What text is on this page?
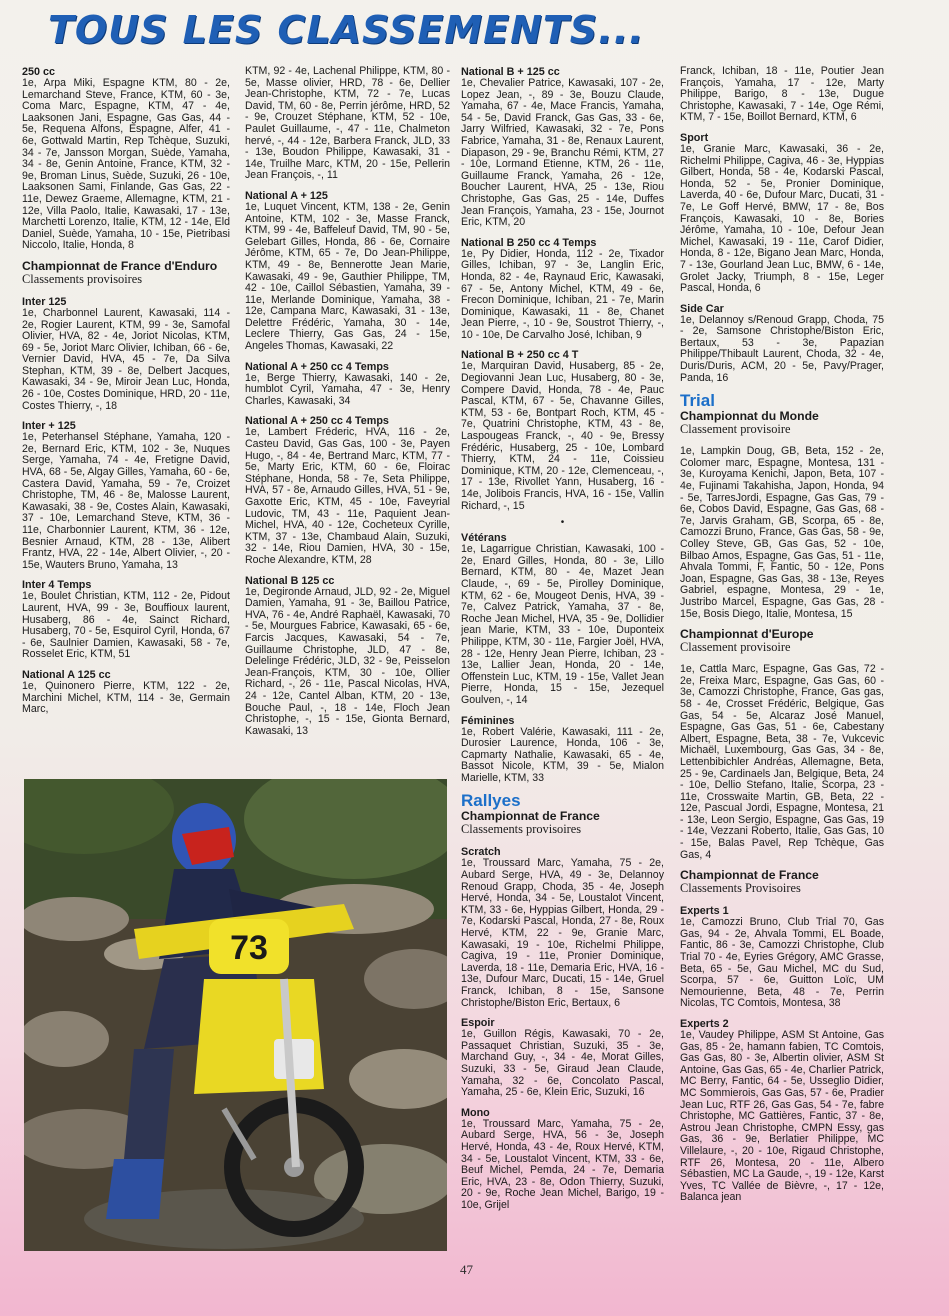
TOUS LES CLASSEMENTS...
250 cc

1e, Arpa Miki, Espagne KTM, 80 - 2e, Lemarchand Steve, France, KTM, 60 - 3e, Coma Marc, Espagne, KTM, 47 - 4e, Laaksonen Jani, Espagne, Gas Gas, 44 - 5e, Requena Alfons, Espagne, Alfer, 41 - 6e, Gottwald Martin, Rep Tchèque, Suzuki, 34 - 7e, Jansson Morgan, Suède, Yamaha, 34 - 8e, Genin Antoine, France, KTM, 32 - 9e, Broman Linus, Suède, Suzuki, 26 - 10e, Laaksonen Sami, Finlande, Gas Gas, 22 - 11e, Dewez Graeme, Allemagne, KTM, 21 - 12e, Villa Paolo, Italie, Kawasaki, 17 - 13e, Marchetti Lorenzo, Italie, KTM, 12 - 14e, Eld Daniel, Suède, Yamaha, 10 - 15e, Pietribasi Niccolo, Italie, Honda, 8

Championnat de France d'Enduro
Classements provisoires
Inter 125

1e, Charbonnel Laurent, Kawasaki, 114 - 2e, Rogier Laurent, KTM, 99 - 3e, Samofal Olivier, HVA, 82 - 4e, Joriot Nicolas, KTM, 69 - 5e, Joriot Marc Olivier, Ichiban, 66 - 6e, Vernier David, HVA, 45 - 7e, Da Silva Stephan, KTM, 39 - 8e, Delbert Jacques, Kawasaki, 34 - 9e, Miroir Jean Luc, Honda, 26 - 10e, Costes Dominique, HRD, 20 - 11e, Costes Thierry, -, 18

Inter + 125

1e, Peterhansel Stéphane, Yamaha, 120 - 2e, Bernard Eric, KTM, 102 - 3e, Nuques Serge, Yamaha, 74 - 4e, Fretigne David, HVA, 68 - 5e, Algay Gilles, Yamaha, 60 - 6e, Castera David, Yamaha, 59 - 7e, Croizet Christophe, TM, 46 - 8e, Malosse Laurent, Kawasaki, 38 - 9e, Costes Alain, Kawasaki, 37 - 10e, Lemarchand Steve, KTM, 36 - 11e, Charbonnier Laurent, KTM, 36 - 12e, Besnier Arnaud, KTM, 28 - 13e, Alibert Frantz, HVA, 22 - 14e, Albert Olivier, -, 20 - 15e, Wauters Bruno, Yamaha, 13

Inter 4 Temps

1e, Boulet Christian, KTM, 112 - 2e, Pidout Laurent, HVA, 99 - 3e, Bouffioux laurent, Husaberg, 86 - 4e, Sainct Richard, Husaberg, 70 - 5e, Esquirol Cyril, Honda, 67 - 6e, Saulnier Damien, Kawasaki, 58 - 7e, Rosselet Eric, KTM, 51

National A 125 cc

1e, Quinonero Pierre, KTM, 122 - 2e, Marchini Michel, KTM, 114 - 3e, Germain Marc,

KTM, 92 - 4e, Lachenal Philippe, KTM, 80 - 5e, Masse olivier, HRD, 78 - 6e, Dellier Jean-Christophe, KTM, 72 - 7e, Lucas David, TM, 60 - 8e, Perrin jérôme, HRD, 52 - 9e, Crouzet Stéphane, KTM, 52 - 10e, Paulet Guillaume, -, 47 - 11e, Chalmeton hervé, -, 44 - 12e, Barbera Franck, JLD, 33 - 13e, Boudon Philippe, Kawasaki, 31 - 14e, Truilhe Marc, KTM, 20 - 15e, Pellerin Jean François, -, 11

National A + 125

1e, Luquet Vincent, KTM, 138 - 2e, Genin Antoine, KTM, 102 - 3e, Masse Franck, KTM, 99 - 4e, Baffeleuf David, TM, 90 - 5e, Gelebart Gilles, Honda, 86 - 6e, Cornaire Jérôme, KTM, 65 - 7e, Do Jean-Philippe, KTM, 49 - 8e, Bennerotte Jean Marie, Kawasaki, 49 - 9e, Gauthier Philippe, TM, 42 - 10e, Caillol Sébastien, Yamaha, 39 - 11e, Merlande Dominique, Yamaha, 38 - 12e, Campana Marc, Kawasaki, 31 - 13e, Delettre Frédéric, Yamaha, 30 - 14e, Leclere Thierry, Gas Gas, 24 - 15e, Angeles Thomas, Kawasaki, 22

National A + 250 cc 4 Temps

1e, Berge Thierry, Kawasaki, 140 - 2e, humblot Cyril, Yamaha, 47 - 3e, Henry Charles, Kawasaki, 34

National A + 250 cc 4 Temps

1e, Lambert Fréderic, HVA, 116 - 2e, Casteu David, Gas Gas, 100 - 3e, Payen Hugo, -, 84 - 4e, Bertrand Marc, KTM, 77 - 5e, Marty Eric, KTM, 60 - 6e, Floirac Stéphane, Honda, 58 - 7e, Seta Philippe, HVA, 57 - 8e, Arnaudo Gilles, HVA, 51 - 9e, Gaxotte Eric, KTM, 45 - 10e, Faveyrial Ludovic, TM, 43 - 11e, Paquient Jean-Michel, HVA, 40 - 12e, Cocheteux Cyrille, KTM, 37 - 13e, Chambaud Alain, Suzuki, 32 - 14e, Riou Damien, HVA, 30 - 15e, Roche Alexandre, KTM, 28

National B 125 cc

1e, Degironde Arnaud, JLD, 92 - 2e, Miguel Damien, Yamaha, 91 - 3e, Baillou Patrice, HVA, 76 - 4e, André Raphaël, Kawasaki, 70 - 5e, Mourgues Fabrice, Kawasaki, 65 - 6e, Farcis Jacques, Kawasaki, 54 - 7e, Guillaume Christophe, JLD, 47 - 8e, Delelinge Frédéric, JLD, 32 - 9e, Peisselon Jean-François, KTM, 30 - 10e, Ollier Richard, -, 26 - 11e, Pascal Nicolas, HVA, 24 - 12e, Cantel Alban, KTM, 20 - 13e, Bouche Paul, -, 18 - 14e, Floch Jean Christophe, -, 15 - 15e, Gionta Bernard, Kawasaki, 13

National B + 125 cc

1e, Chevalier Patrice, Kawasaki, 107 - 2e, Lopez Jean, -, 89 - 3e, Bouzu Claude, Yamaha, 67 - 4e, Mace Francis, Yamaha, 54 - 5e, David Franck, Gas Gas, 33 - 6e, Jarry Wilfried, Kawasaki, 32 - 7e, Pons Fabrice, Yamaha, 31 - 8e, Renaux Laurent, Diapason, 29 - 9e, Branchu Rémi, KTM, 27 - 10e, Lormand Etienne, KTM, 26 - 11e, Guillaume Franck, Yamaha, 26 - 12e, Boucher Laurent, HVA, 25 - 13e, Riou Christophe, Gas Gas, 25 - 14e, Duffes Jean François, Yamaha, 23 - 15e, Journot Eric, KTM, 20

National B 250 cc 4 Temps

1e, Py Didier, Honda, 112 - 2e, Tixador Gilles, Ichiban, 97 - 3e, Langlin Eric, Honda, 82 - 4e, Raynaud Eric, Kawasaki, 67 - 5e, Antony Michel, KTM, 49 - 6e, Frecon Dominique, Ichiban, 21 - 7e, Marin Dominique, Kawasaki, 11 - 8e, Chanet Jean Pierre, -, 10 - 9e, Soustrot Thierry, -, 10 - 10e, De Carvalho José, Ichiban, 9

National B + 250 cc 4 T

1e, Marquiran David, Husaberg, 85 - 2e, Degiovanni Jean Luc, Husaberg, 80 - 3e, Compere David, Honda, 78 - 4e, Pauc Pascal, KTM, 67 - 5e, Chavanne Gilles, KTM, 53 - 6e, Bontpart Roch, KTM, 45 - 7e, Quatrini Christophe, KTM, 43 - 8e, Laspougeas Franck, -, 40 - 9e, Bressy Frédéric, Husaberg, 25 - 10e, Lombard Thierry, KTM, 24 - 11e, Coissieu Dominique, KTM, 20 - 12e, Clemenceau, -, 17 - 13e, Rivollet Yann, Husaberg, 16 - 14e, Jolibois Francis, HVA, 16 - 15e, Vallin Richard, -, 15

•
Vétérans

1e, Lagarrigue Christian, Kawasaki, 100 - 2e, Enard Gilles, Honda, 80 - 3e, Lillo Bernard, KTM, 80 - 4e, Mazet Jean Claude, -, 69 - 5e, Pirolley Dominique, KTM, 62 - 6e, Mougeot Denis, HVA, 39 - 7e, Calvez Patrick, Yamaha, 37 - 8e, Roche Jean Michel, HVA, 35 - 9e, Dollidier jean Marie, KTM, 33 - 10e, Duponteix Philippe, KTM, 30 - 11e, Fargier Joël, HVA, 28 - 12e, Henry Jean Pierre, Ichiban, 23 - 13e, Lallier Jean, Honda, 20 - 14e, Offenstein Luc, KTM, 19 - 15e, Vallet Jean Pierre, Honda, 15 - 15e, Jezequel Goulven, -, 14

Féminines

1e, Robert Valérie, Kawasaki, 111 - 2e, Durosier Laurence, Honda, 106 - 3e, Capmarty Nathalie, Kawasaki, 65 - 4e, Bassot Nicole, KTM, 39 - 5e, Mialon Marielle, KTM, 33

Rallyes
Championnat de France
Classements provisoires
Scratch

1e, Troussard Marc, Yamaha, 75 - 2e, Aubard Serge, HVA, 49 - 3e, Delannoy Renoud Grapp, Choda, 35 - 4e, Joseph Hervé, Honda, 34 - 5e, Loustalot Vincent, KTM, 33 - 6e, Hyppias Gilbert, Honda, 29 - 7e, Kodarski Pascal, Honda, 27 - 8e, Roux Hervé, KTM, 22 - 9e, Granie Marc, Kawasaki, 19 - 10e, Richelmi Philippe, Cagiva, 19 - 11e, Pronier Dominique, Laverda, 18 - 11e, Demaria Eric, HVA, 16 - 13e, Dufour Marc, Ducati, 15 - 14e, Gruel Franck, Ichiban, 8 - 15e, Sansone Christophe/Biston Eric, Bertaux, 6

Espoir

1e, Guillon Régis, Kawasaki, 70 - 2e, Passaquet Christian, Suzuki, 35 - 3e, Marchand Guy, -, 34 - 4e, Morat Gilles, Suzuki, 33 - 5e, Giraud Jean Claude, Yamaha, 32 - 6e, Concolato Pascal, Yamaha, 25 - 6e, Klein Eric, Suzuki, 16

Mono

1e, Troussard Marc, Yamaha, 75 - 2e, Aubard Serge, HVA, 56 - 3e, Joseph Hervé, Honda, 43 - 4e, Roux Hervé, KTM, 34 - 5e, Loustalot Vincent, KTM, 33 - 6e, Beuf Michel, Pemda, 24 - 7e, Demaria Eric, HVA, 23 - 8e, Odon Thierry, Suzuki, 20 - 9e, Roche Jean Michel, Barigo, 19 - 10e, Grijel

Franck, Ichiban, 18 - 11e, Poutier Jean François, Yamaha, 17 - 12e, Marty Philippe, Barigo, 8 - 13e, Dugue Christophe, Kawasaki, 7 - 14e, Oge Rémi, KTM, 7 - 15e, Boillot Bernard, KTM, 6

Sport

1e, Granie Marc, Kawasaki, 36 - 2e, Richelmi Philippe, Cagiva, 46 - 3e, Hyppias Gilbert, Honda, 58 - 4e, Kodarski Pascal, Honda, 52 - 5e, Pronier Dominique, Laverda, 40 - 6e, Dufour Marc, Ducati, 31 - 7e, Le Goff Hervé, BMW, 17 - 8e, Bos François, Kawasaki, 10 - 8e, Bories Jérôme, Yamaha, 10 - 10e, Defour Jean Michel, Kawasaki, 19 - 11e, Carof Didier, Honda, 8 - 12e, Bigano Jean Marc, Honda, 7 - 13e, Gourland Jean Luc, BMW, 6 - 14e, Grolet Jacky, Triumph, 8 - 15e, Leger Pascal, Honda, 6

Side Car

1e, Delannoy s/Renoud Grapp, Choda, 75 - 2e, Samsone Christophe/Biston Eric, Bertaux, 53 - 3e, Papazian Philippe/Thibault Laurent, Choda, 32 - 4e, Duris/Duris, ACM, 20 - 5e, Pavy/Prager, Panda, 16

Trial
Championnat du Monde
Classement provisoire

1e, Lampkin Doug, GB, Beta, 152 - 2e, Colomer marc, Espagne, Montesa, 131 - 3e, Kuroyama Kenichi, Japon, Beta, 107 - 4e, Fujinami Takahisha, Japon, Honda, 94 - 5e, TarresJordi, Espagne, Gas Gas, 79 - 6e, Cobos David, Espagne, Gas Gas, 68 - 7e, Jarvis Graham, GB, Scorpa, 65 - 8e, Camozzi Bruno, France, Gas Gas, 58 - 9e, Colley Steve, GB, Gas Gas, 52 - 10e, Bilbao Amos, Espagne, Gas Gas, 51 - 11e, Ahvala Tommi, F, Fantic, 50 - 12e, Pons Joan, Espagne, Gas Gas, 38 - 13e, Reyes Gabriel, espagne, Montesa, 29 - 1e, Justribo Marcel, Espagne, Gas Gas, 28 - 15e, Bosis Diego, Italie, Montesa, 15

Championnat d'Europe
Classement provisoire

1e, Cattla Marc, Espagne, Gas Gas, 72 - 2e, Freixa Marc, Espagne, Gas Gas, 60 - 3e, Camozzi Christophe, France, Gas gas, 58 - 4e, Crosset Frédéric, Belgique, Gas Gas, 54 - 5e, Alcaraz José Manuel, Espagne, Gas Gas, 51 - 6e, Cabestany Albert, Espagne, Beta, 38 - 7e, Vukcevic Michaël, Luxembourg, Gas Gas, 34 - 8e, Lettenbibichler Andréas, Allemagne, Beta, 25 - 9e, Cardinaels Jan, Belgique, Beta, 24 - 10e, Dellio Stefano, Italie, Scorpa, 23 - 11e, Crosswaite Martin, GB, Beta, 22 - 12e, Pascual Jordi, Espagne, Montesa, 21 - 13e, Leon Sergio, Espagne, Gas Gas, 19 - 14e, Vezzani Roberto, Italie, Gas Gas, 10 - 15e, Balas Pavel, Rep Tchèque, Gas Gas, 4

Championnat de France
Classements Provisoires
Experts 1

1e, Camozzi Bruno, Club Trial 70, Gas Gas, 94 - 2e, Ahvala Tommi, EL Boade, Fantic, 86 - 3e, Camozzi Christophe, Club Trial 70 - 4e, Eyries Grégory, AMC Grasse, Beta, 65 - 5e, Gau Michel, MC du Sud, Scorpa, 57 - 6e, Guitton Loïc, UM Nemourienne, Beta, 48 - 7e, Perrin Nicolas, TC Comtois, Montesa, 38

Experts 2

1e, Vaudey Philippe, ASM St Antoine, Gas Gas, 85 - 2e, hamann fabien, TC Comtois, Gas Gas, 80 - 3e, Albertin olivier, ASM St Antoine, Gas Gas, 65 - 4e, Charlier Patrick, MC Berry, Fantic, 64 - 5e, Usseglio Didier, MC Sommierois, Gas Gas, 57 - 6e, Pradier Jean Luc, RTF 26, Gas Gas, 54 - 7e, fabre Christophe, MC Gattières, Fantic, 37 - 8e, Astrou Jean Christophe, CMPN Essy, gas Gas, 36 - 9e, Berlatier Philippe, MC Villelaure, -, 20 - 10e, Rigaud Christophe, RTF 26, Montesa, 20 - 11e, Albero Sébastien, MC La Gaude, -, 19 - 12e, Karst Yves, TC Vallée de Bièvre, -, 17 - 12e, Balanca jean

73
47
